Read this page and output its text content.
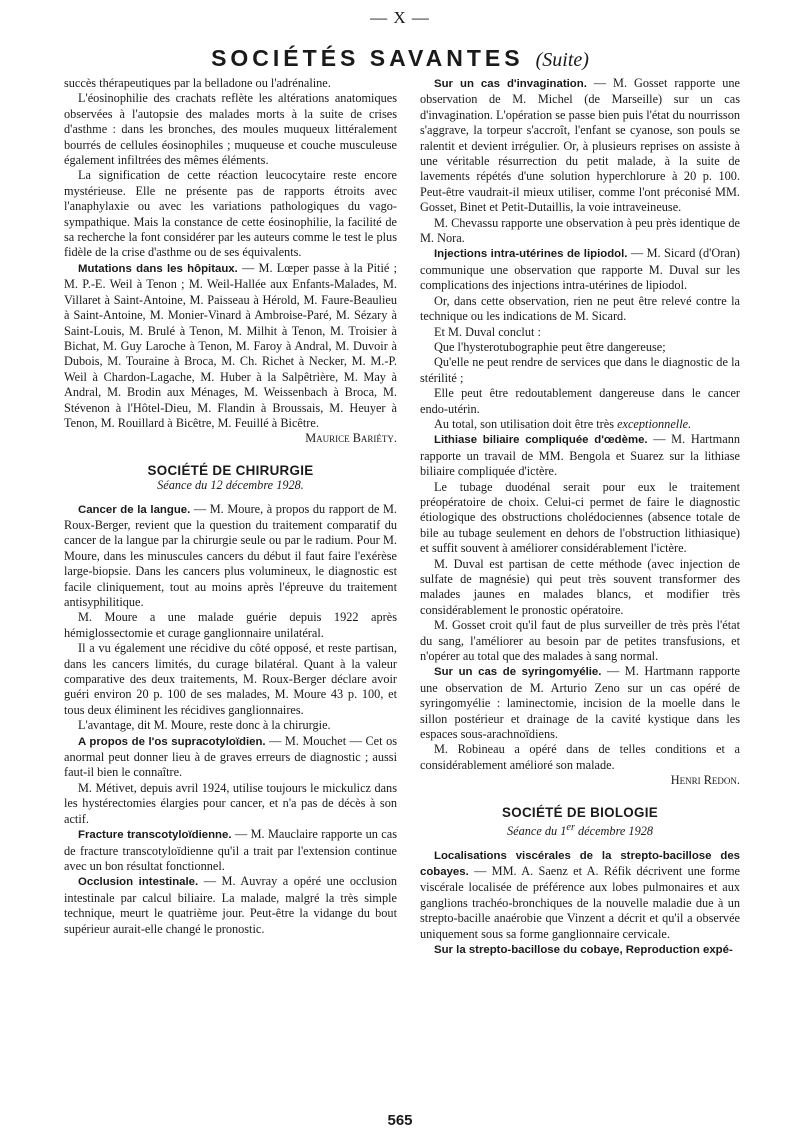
— X —
SOCIÉTÉS SAVANTES (Suite)

succès thérapeutiques par la belladone ou l'adrénaline.

L'éosinophilie des crachats reflète les altérations anatomiques observées à l'autopsie des malades morts à la suite de crises d'asthme : dans les bronches, des moules muqueux littéralement bourrés de cellules éosinophiles ; muqueuse et couche musculeuse également infiltrées des mêmes éléments.

La signification de cette réaction leucocytaire reste encore mystérieuse. Elle ne présente pas de rapports étroits avec l'anaphylaxie ou avec les variations pathologiques du vago-sympathique. Mais la constance de cette éosinophilie, la facilité de sa recherche la font considérer par les auteurs comme le test le plus fidèle de la crise d'asthme ou de ses équivalents.

Mutations dans les hôpitaux. — M. Lœper passe à la Pitié ; M. P.-E. Weil à Tenon ; M. Weil-Hallée aux Enfants-Malades, M. Villaret à Saint-Antoine, M. Paisseau à Hérold, M. Faure-Beaulieu à Saint-Antoine, M. Monier-Vinard à Ambroise-Paré, M. Sézary à Saint-Louis, M. Brulé à Tenon, M. Milhit à Tenon, M. Troisier à Bichat, M. Guy Laroche à Tenon, M. Faroy à Andral, M. Duvoir à Dubois, M. Touraine à Broca, M. Ch. Richet à Necker, M. M.-P. Weil à Chardon-Lagache, M. Huber à la Salpêtrière, M. May à Andral, M. Brodin aux Ménages, M. Weissenbach à Broca, M. Stévenon à l'Hôtel-Dieu, M. Flandin à Broussais, M. Heuyer à Tenon, M. Rouillard à Bicêtre, M. Feuillé à Bicêtre.

Maurice Bariéty.
SOCIÉTÉ DE CHIRURGIE
Séance du 12 décembre 1928.

Cancer de la langue. — M. Moure, à propos du rapport de M. Roux-Berger, revient que la question du traitement comparatif du cancer de la langue par la chirurgie seule ou par le radium. Pour M. Moure, dans les minuscules cancers du début il faut faire l'exérèse large-biopsie. Dans les cancers plus volumineux, le diagnostic est facile cliniquement, tout au moins après l'épreuve du traitement antisyphilitique.

M. Moure a une malade guérie depuis 1922 après hémiglossectomie et curage ganglionnaire unilatéral.

Il a vu également une récidive du côté opposé, et reste partisan, dans les cancers limités, du curage bilatéral. Quant à la valeur comparative des deux traitements, M. Roux-Berger déclare avoir guéri environ 20 p. 100 de ses malades, M. Moure 43 p. 100, et tous deux éliminent les récidives ganglionnaires.

L'avantage, dit M. Moure, reste donc à la chirurgie.

A propos de l'os supracotyloïdien. — M. Mouchet — Cet os anormal peut donner lieu à de graves erreurs de diagnostic ; aussi faut-il bien le connaître.

M. Métivet, depuis avril 1924, utilise toujours le mickulicz dans les hystérectomies élargies pour cancer, et n'a pas de décès à son actif.

Fracture transcotyloïdienne. — M. Mauclaire rapporte un cas de fracture transcotyloïdienne qu'il a trait par l'extension continue avec un bon résultat fonctionnel.

Occlusion intestinale. — M. Auvray a opéré une occlusion intestinale par calcul biliaire. La malade, malgré la très simple technique, meurt le quatrième jour. Peut-être la vidange du bout supérieur aurait-elle changé le pronostic.

Sur un cas d'invagination. — M. Gosset rapporte une observation de M. Michel (de Marseille) sur un cas d'invagination. L'opération se passe bien puis l'état du nourrisson s'aggrave, la torpeur s'accroît, l'enfant se cyanose, son pouls se ralentit et devient irrégulier. Or, à plusieurs reprises on assiste à une véritable résurrection du petit malade, à la suite de lavements répétés d'une solution hyperchlorure à 20 p. 100. Peut-être vaudrait-il mieux utiliser, comme l'ont préconisé MM. Gosset, Binet et Petit-Dutaillis, la voie intraveineuse.

M. Chevassu rapporte une observation à peu près identique de M. Nora.

Injections intra-utérines de lipiodol. — M. Sicard (d'Oran) communique une observation que rapporte M. Duval sur les complications des injections intra-utérines de lipiodol.

Or, dans cette observation, rien ne peut être relevé contre la technique ou les indications de M. Sicard.

Et M. Duval conclut :

Que l'hysterotubographie peut être dangereuse;

Qu'elle ne peut rendre de services que dans le diagnostic de la stérilité ;

Elle peut être redoutablement dangereuse dans le cancer endo-utérin.

Au total, son utilisation doit être très exceptionnelle.

Lithiase biliaire compliquée d'œdème. — M. Hartmann rapporte un travail de MM. Bengola et Suarez sur la lithiase biliaire compliquée d'ictère.

Le tubage duodénal serait pour eux le traitement préopératoire de choix. Celui-ci permet de faire le diagnostic étiologique des obstructions cholédociennes (absence totale de bile au tubage seulement en dehors de l'obstruction lithiasique) et suffit souvent à améliorer considérablement l'ictère.

M. Duval est partisan de cette méthode (avec injection de sulfate de magnésie) qui peut très souvent transformer des malades jaunes en malades blancs, et modifier très considérablement le pronostic opératoire.

M. Gosset croit qu'il faut de plus surveiller de très près l'état du sang, l'améliorer au besoin par de petites transfusions, et n'opérer au total que des malades à sang normal.

Sur un cas de syringomyélie. — M. Hartmann rapporte une observation de M. Arturio Zeno sur un cas opéré de syringomyélie : laminectomie, incision de la moelle dans le sillon postérieur et drainage de la cavité kystique dans les espaces sous-arachnoïdiens.

M. Robineau a opéré dans de telles conditions et a considérablement amélioré son malade.

Henri Redon.
SOCIÉTÉ DE BIOLOGIE
Séance du 1er décembre 1928

Localisations viscérales de la strepto-bacillose des cobayes. — MM. A. Saenz et A. Réfik décrivent une forme viscérale localisée de préférence aux lobes pulmonaires et aux ganglions trachéo-bronchiques de la nouvelle maladie due à un strepto-bacille anaérobie que Vinzent a décrit et qu'il a observée uniquement sous sa forme ganglionnaire cervicale.

Sur la strepto-bacillose du cobaye, Reproduction expé-

565
